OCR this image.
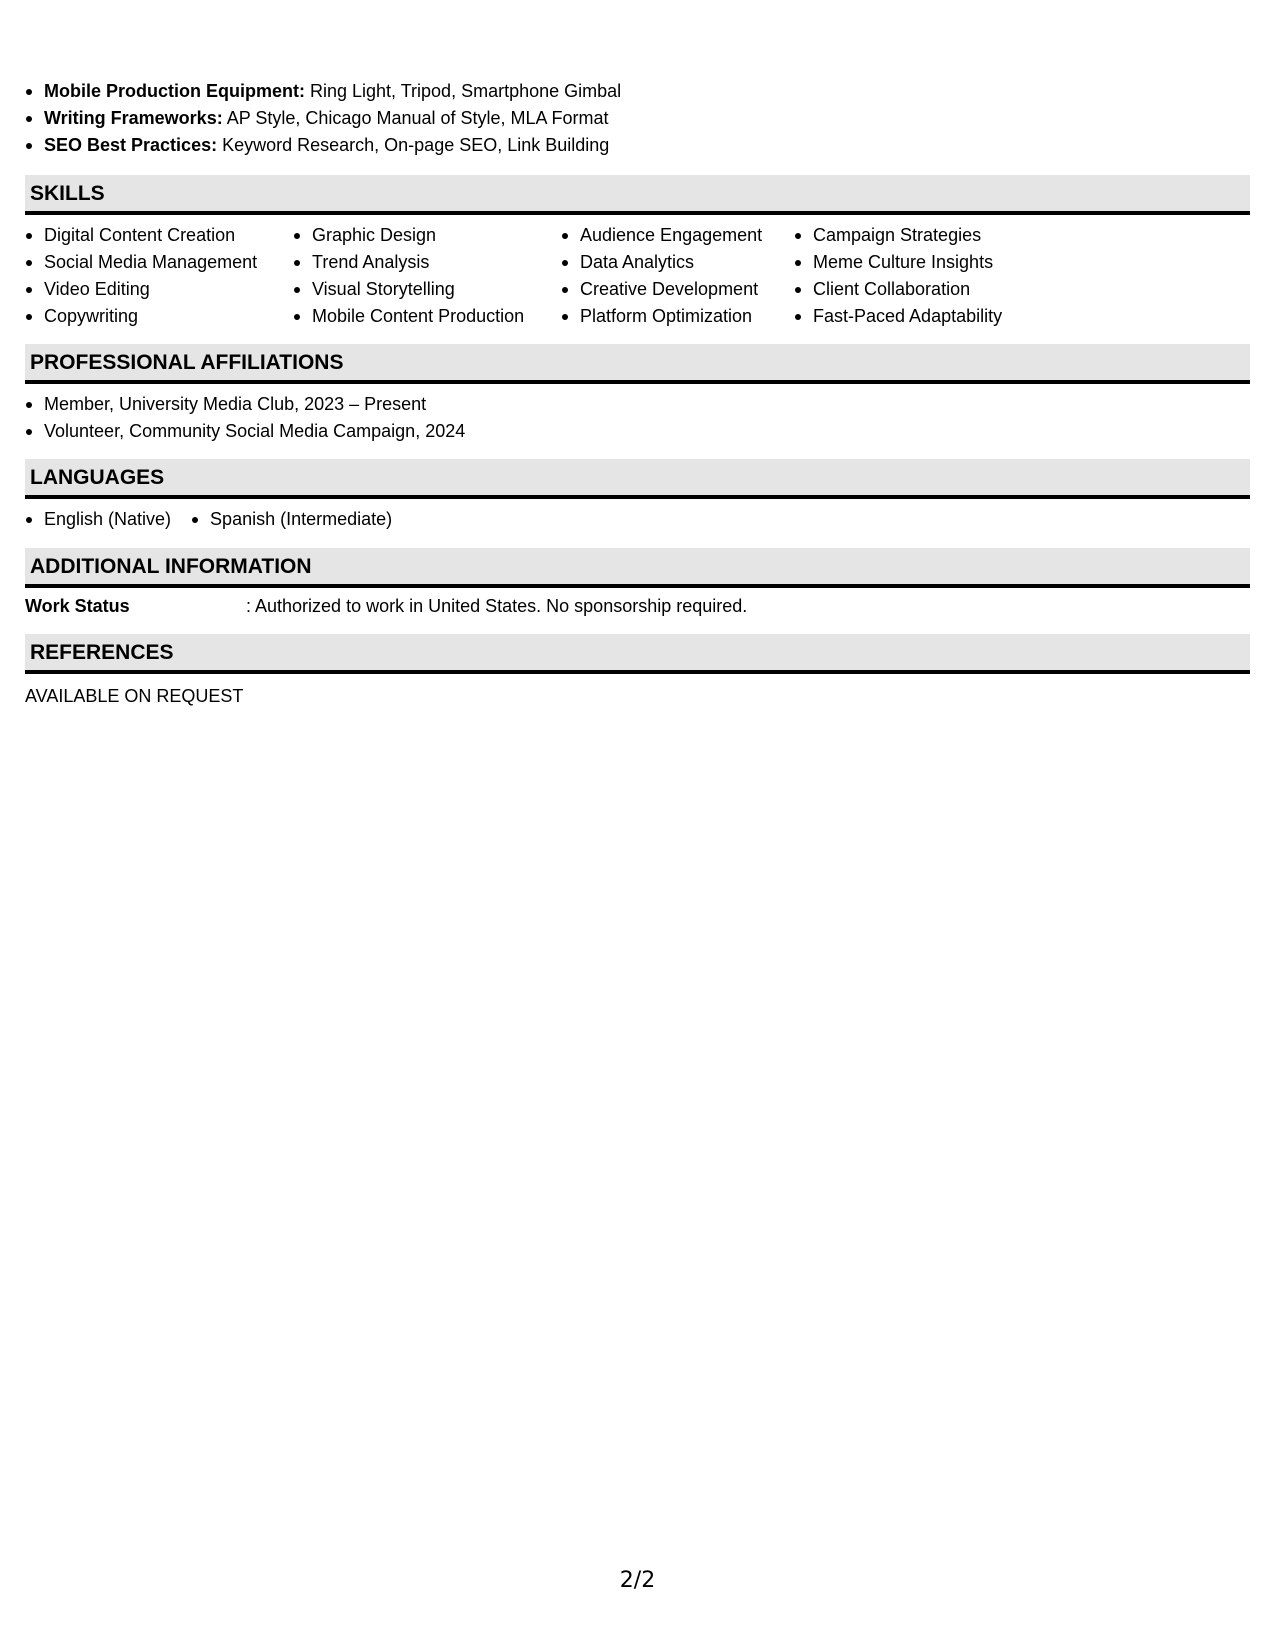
Mobile Production Equipment: Ring Light, Tripod, Smartphone Gimbal
Writing Frameworks: AP Style, Chicago Manual of Style, MLA Format
SEO Best Practices: Keyword Research, On-page SEO, Link Building
SKILLS
Digital Content Creation
Social Media Management
Video Editing
Copywriting
Graphic Design
Trend Analysis
Visual Storytelling
Mobile Content Production
Audience Engagement
Data Analytics
Creative Development
Platform Optimization
Campaign Strategies
Meme Culture Insights
Client Collaboration
Fast-Paced Adaptability
PROFESSIONAL AFFILIATIONS
Member, University Media Club, 2023 – Present
Volunteer, Community Social Media Campaign, 2024
LANGUAGES
English (Native)	Spanish (Intermediate)
ADDITIONAL INFORMATION
Work Status	: Authorized to work in United States. No sponsorship required.
REFERENCES
AVAILABLE ON REQUEST
2/2
